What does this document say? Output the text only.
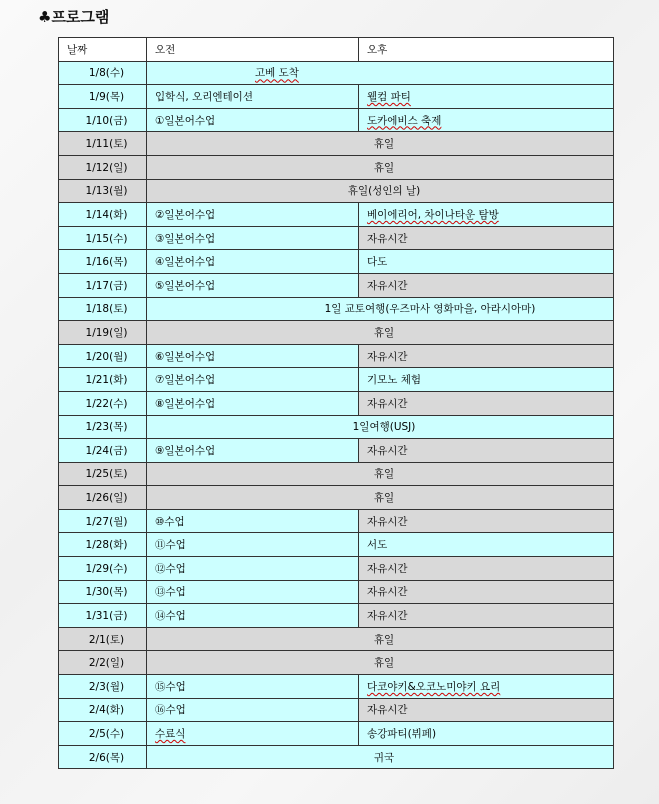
♣프로그램
날짜	오전	오후
1/8(수)	고베 도착	
1/9(목)	입학식, 오리엔테이션	웰컴 파티
1/10(금)	①일본어수업	도카에비스 축제
1/11(토)	휴일	
1/12(일)	휴일	
1/13(월)	휴일(성인의 날)	
1/14(화)	②일본어수업	베이에리어, 차이나타운 탐방
1/15(수)	③일본어수업	자유시간
1/16(목)	④일본어수업	다도
1/17(금)	⑤일본어수업	자유시간
1/18(토)	1일 교토여행(우즈마사 영화마을, 아라시아마)	
1/19(일)	휴일	
1/20(월)	⑥일본어수업	자유시간
1/21(화)	⑦일본어수업	기모노 체험
1/22(수)	⑧일본어수업	자유시간
1/23(목)	1일여행(USJ)	
1/24(금)	⑨일본어수업	자유시간
1/25(토)	휴일	
1/26(일)	휴일	
1/27(월)	⑩수업	자유시간
1/28(화)	⑪수업	서도
1/29(수)	⑫수업	자유시간
1/30(목)	⑬수업	자유시간
1/31(금)	⑭수업	자유시간
2/1(토)	휴일	
2/2(일)	휴일	
2/3(월)	⑮수업	다코야키&오코노미야키 요리
2/4(화)	⑯수업	자유시간
2/5(수)	수료식	송강파티(뷔페)
2/6(목)	귀국	
